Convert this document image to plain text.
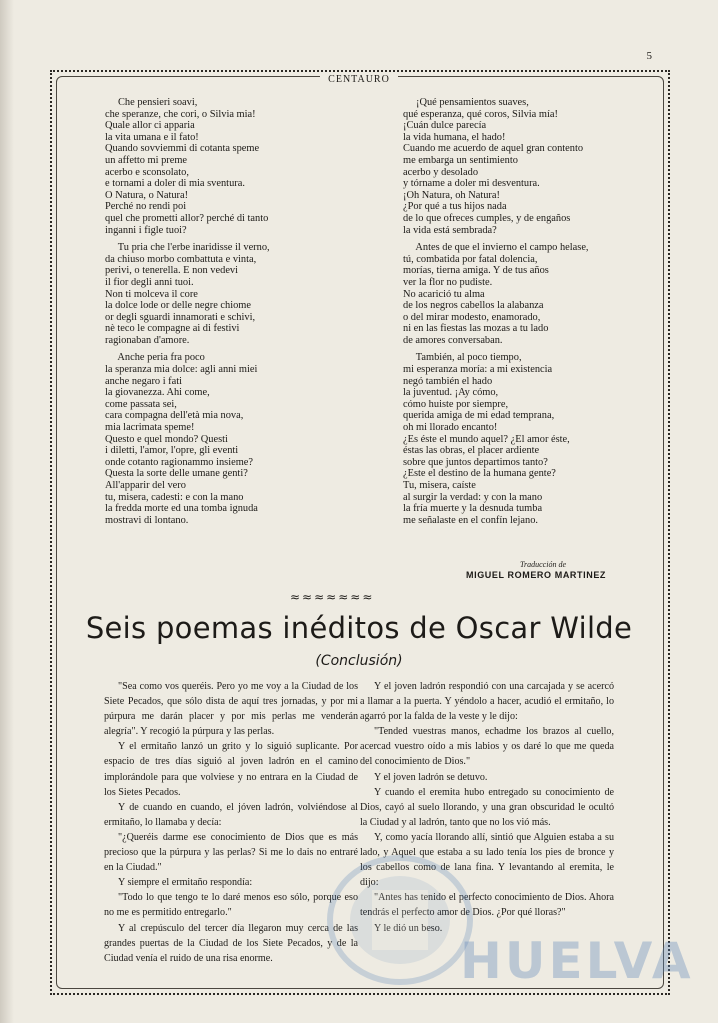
5
CENTAURO
Che pensieri soavi,
che speranze, che cori, o Silvia mia!
Quale allor ci apparia
la vita umana e il fato!
Quando sovviemmi di cotanta speme
un affetto mi preme
acerbo e sconsolato,
e tornami a doler di mia sventura.
O Natura, o Natura!
Perché no rendi poi
quel che prometti allor? perché di tanto
inganni i figle tuoi?
Tu pria che l'erbe inaridisse il verno,
da chiuso morbo combattuta e vinta,
perivi, o tenerella. E non vedevi
il fior degli anni tuoi.
Non ti molceva il core
la dolce lode or delle negre chiome
or degli sguardi innamorati e schivi,
nè teco le compagne ai di festivi
ragionaban d'amore.
Anche peria fra poco
la speranza mia dolce: agli anni miei
anche negaro i fati
la giovanezza. Ahi come,
come passata sei,
cara compagna dell'età mia nova,
mia lacrimata speme!
Questo e quel mondo? Questi
i diletti, l'amor, l'opre, gli eventi
onde cotanto ragionammo insieme?
Questa la sorte delle umane genti?
All'apparir del vero
tu, misera, cadesti: e con la mano
la fredda morte ed una tomba ignuda
mostravi di lontano.
¡Qué pensamientos suaves,
qué esperanza, qué coros, Silvia mía!
¡Cuán dulce parecía
la vida humana, el hado!
Cuando me acuerdo de aquel gran contento
me embarga un sentimiento
acerbo y desolado
y tórname a doler mi desventura.
¡Oh Natura, oh Natura!
¿Por qué a tus hijos nada
de lo que ofreces cumples, y de engaños
la vida está sembrada?
Antes de que el invierno el campo helase,
tú, combatida por fatal dolencia,
morías, tierna amiga. Y de tus años
ver la flor no pudiste.
No acarició tu alma
de los negros cabellos la alabanza
o del mirar modesto, enamorado,
ni en las fiestas las mozas a tu lado
de amores conversaban.
También, al poco tiempo,
mi esperanza moría: a mi existencia
negó también el hado
la juventud. ¡Ay cómo,
cómo huiste por siempre,
querida amiga de mi edad temprana,
oh mi llorado encanto!
¿Es éste el mundo aquel? ¿El amor éste,
éstas las obras, el placer ardiente
sobre que juntos departimos tanto?
¿Este el destino de la humana gente?
Tu, misera, caíste
al surgir la verdad: y con la mano
la fría muerte y la desnuda tumba
me señalaste en el confín lejano.
Traducción de
MIGUEL ROMERO MARTINEZ
≈≈≈≈≈≈≈
Seis poemas inéditos de Oscar Wilde
(Conclusión)

"Sea como vos queréis. Pero yo me voy a la Ciudad de los Siete Pecados, que sólo dista de aquí tres jornadas, y por mi púrpura me darán placer y por mis perlas me venderán alegría". Y recogió la púrpura y las perlas.

Y el ermitaño lanzó un grito y lo siguió suplicante. Por espacio de tres días siguió al joven ladrón en el camino implorándole para que volviese y no entrara en la Ciudad de los Sietes Pecados.

Y de cuando en cuando, el jóven ladrón, volviéndose al ermitaño, lo llamaba y decía:

"¿Queréis darme ese conocimiento de Dios que es más precioso que la púrpura y las perlas? Si me lo dais no entraré en la Ciudad."

Y siempre el ermitaño respondía:

"Todo lo que tengo te lo daré menos eso sólo, porque eso no me es permitido entregarlo."

Y al crepúsculo del tercer día llegaron muy cerca de las grandes puertas de la Ciudad de los Siete Pecados, y de la Ciudad venía el ruido de una risa enorme.

Y el joven ladrón respondió con una carcajada y se acercó a llamar a la puerta. Y yéndolo a hacer, acudió el ermitaño, lo agarró por la falda de la veste y le dijo:

"Tended vuestras manos, echadme los brazos al cuello, acercad vuestro oído a mis labios y os daré lo que me queda del conocimiento de Dios."

Y el joven ladrón se detuvo.

Y cuando el eremita hubo entregado su conocimiento de Dios, cayó al suelo llorando, y una gran obscuridad le ocultó la Ciudad y al ladrón, tanto que no los vió más.

Y, como yacía llorando allí, sintió que Alguien estaba a su lado, y Aquel que estaba a su lado tenía los pies de bronce y los cabellos como de lana fina. Y levantando al eremita, le dijo:

"Antes has tenido el perfecto conocimiento de Dios. Ahora tendrás el perfecto amor de Dios. ¿Por qué lloras?"

Y le dió un beso.

HUELVA
